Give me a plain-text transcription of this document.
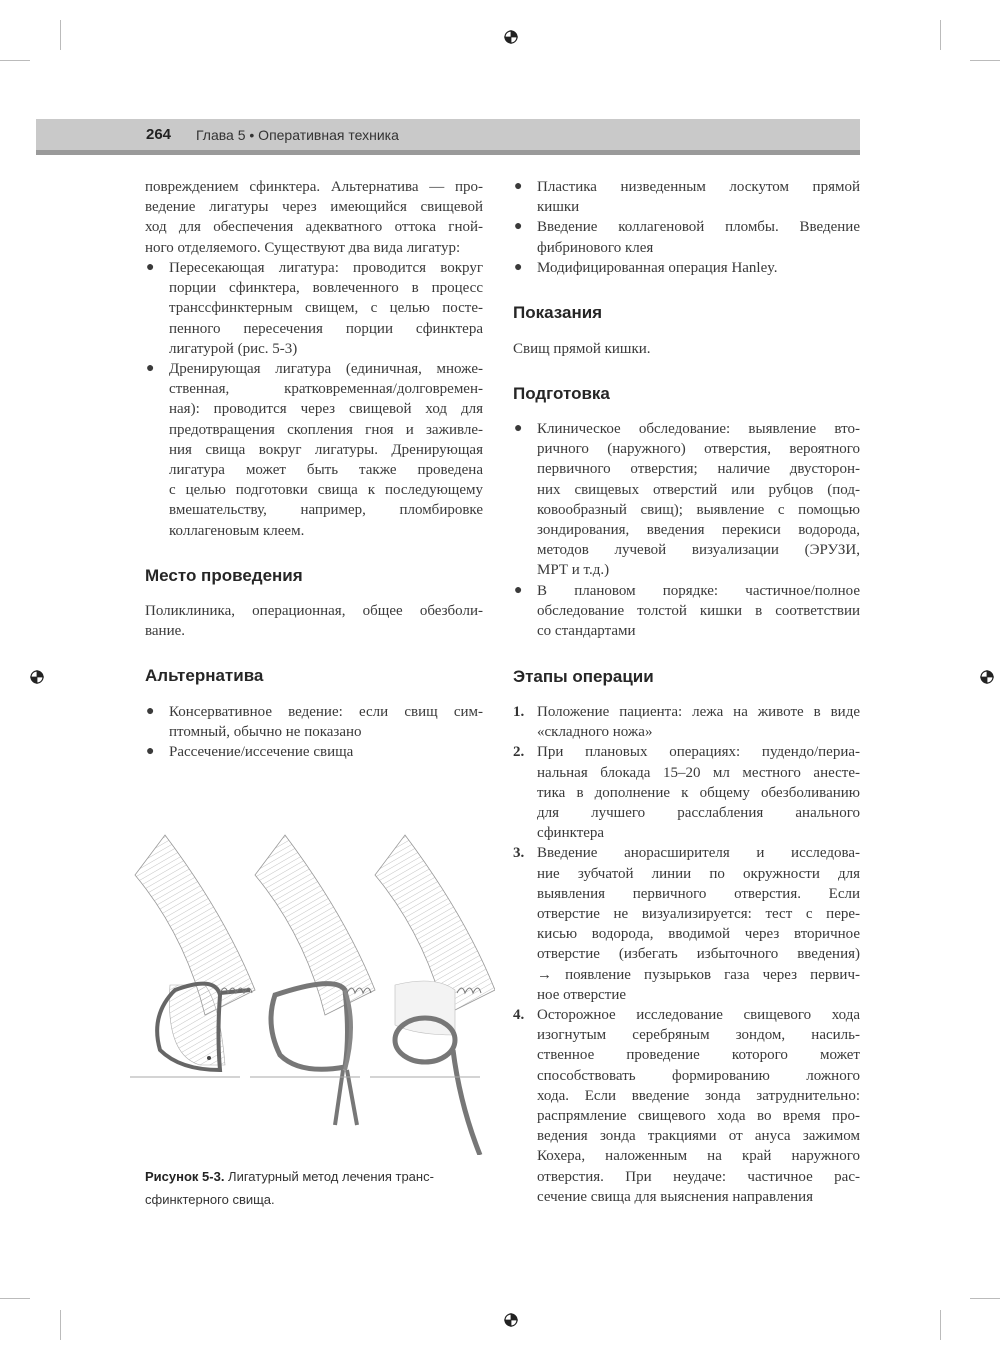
264 Глава 5 • Оперативная техника
повреждением сфинктера. Альтернатива — про-
ведение лигатуры через имеющийся свищевой
ход для обеспечения адекватного оттока гной-
ного отделяемого. Существуют два вида лигатур:
● Пересекающая лигатура: проводится вокруг
порции сфинктера, вовлеченного в процесс
транссфинктерным свищем, с целью посте-
пенного пересечения порции сфинктера
лигатурой (рис. 5-3)
● Дренирующая лигатура (единичная, множе-
ственная, кратковременная/долговремен-
ная): проводится через свищевой ход для
предотвращения скопления гноя и заживле-
ния свища вокруг лигатуры. Дренирующая
лигатура может быть также проведена
с целью подготовки свища к последующему
вмешательству, например, пломбировке
коллагеновым клеем.
Место проведения
Поликлиника, операционная, общее обезболи-
вание.
Альтернатива
● Консервативное ведение: если свищ сим-
птомный, обычно не показано
● Рассечение/иссечение свища
Рисунок 5-3. Лигатурный метод лечения транс-сфинктерного свища.
● Пластика низведенным лоскутом прямой
кишки
● Введение коллагеновой пломбы. Введение
фибринового клея
● Модифицированная операция Hanley.
Показания
Свищ прямой кишки.
Подготовка
● Клиническое обследование: выявление вто-
ричного (наружного) отверстия, вероятного
первичного отверстия; наличие двусторон-
них свищевых отверстий или рубцов (под-
ковообразный свищ); выявление с помощью
зондирования, введения перекиси водорода,
методов лучевой визуализации (ЭРУЗИ,
МРТ и т.д.)
● В плановом порядке: частичное/полное
обследование толстой кишки в соответствии
со стандартами
Этапы операции
1. Положение пациента: лежа на животе в виде
«складного ножа»
2. При плановых операциях: пудендо/периа-
нальная блокада 15–20 мл местного анесте-
тика в дополнение к общему обезболиванию
для лучшего расслабления анального
сфинктера
3. Введение аноpасширителя и исследова-
ние зубчатой линии по окружности для
выявления первичного отверстия. Если
отверстие не визуализируется: тест с пере-
кисью водорода, вводимой через вторичное
отверстие (избегать избыточного введения)
→ появление пузырьков газа через первич-
ное отверстие
4. Осторожное исследование свищевого хода
изогнутым серебряным зондом, насиль-
ственное проведение которого может
способствовать формированию ложного
хода. Если введение зонда затруднительно:
распрямление свищевого хода во время про-
ведения зонда тракциями от ануса зажимом
Кохера, наложенным на край наружного
отверстия. При неудаче: частичное рас-
сечение свища для выяснения направления
